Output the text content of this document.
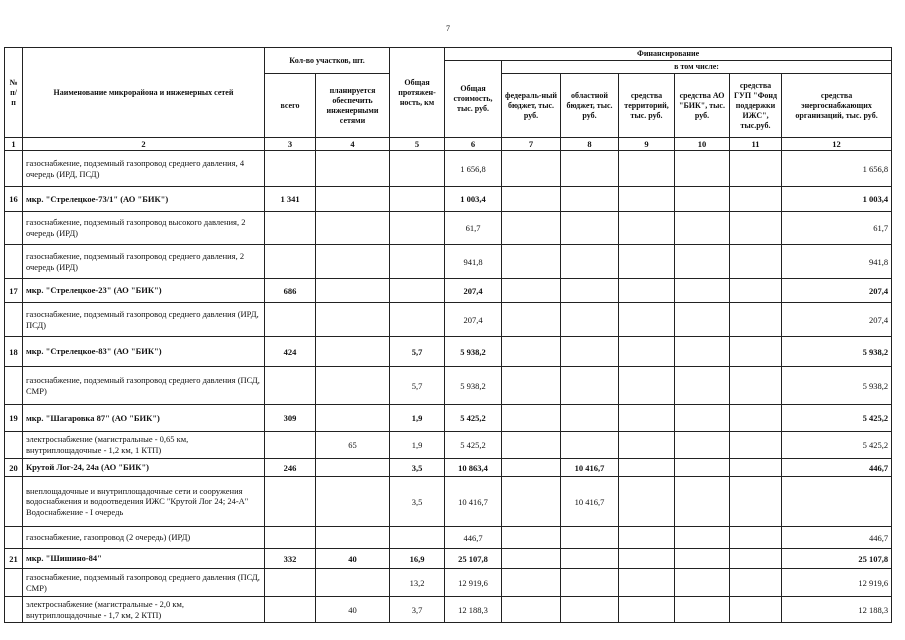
7
№ п/п	Наименование микрорайона и инженерных сетей	Кол-во участков, шт.		Общая протяжен-ность, км	Финансирование						
					Общая стоимость, тыс. руб.	в том числе:					
		всего	планируется обеспечить инженерными сетями			федераль-ный бюджет, тыс. руб.	областной бюджет, тыс. руб.	средства территорий, тыс. руб.	средства АО "БИК", тыс. руб.	средства ГУП "Фонд поддержки ИЖС", тыс.руб.	средства энергоснабжающих организаций, тыс. руб.
1	2	3	4	5	6	7	8	9	10	11	12
	газоснабжение, подземный газопровод среднего давления, 4 очередь (ИРД, ПСД)				1 656,8						1 656,8
16	мкр. "Стрелецкое-73/1" (АО "БИК")	1 341			1 003,4						1 003,4
	газоснабжение, подземный газопровод высокого давления, 2 очередь (ИРД)				61,7						61,7
	газоснабжение, подземный газопровод среднего давления, 2 очередь (ИРД)				941,8						941,8
17	мкр. "Стрелецкое-23" (АО "БИК")	686			207,4						207,4
	газоснабжение, подземный газопровод среднего давления (ИРД, ПСД)				207,4						207,4
18	мкр. "Стрелецкое-83" (АО "БИК")	424		5,7	5 938,2						5 938,2
	газоснабжение, подземный газопровод среднего давления (ПСД, СМР)			5,7	5 938,2						5 938,2
19	мкр. "Шагаровка 87" (АО "БИК")	309		1,9	5 425,2						5 425,2
	электроснабжение (магистральные - 0,65 км, внутриплощадочные - 1,2 км, 1 КТП)		65	1,9	5 425,2						5 425,2
20	Крутой Лог-24, 24а (АО "БИК")	246		3,5	10 863,4		10 416,7				446,7
	внеплощадочные и внутриплощадочные сети и сооружения водоснабжения и водоотведения ИЖС "Крутой Лог 24; 24-А" Водоснабжение - I очередь			3,5	10 416,7		10 416,7				
	газоснабжение, газопровод (2 очередь) (ИРД)				446,7						446,7
21	мкр. "Шишино-84"	332	40	16,9	25 107,8						25 107,8
	газоснабжение, подземный газопровод среднего давления (ПСД, СМР)			13,2	12 919,6						12 919,6
	электроснабжение (магистральные - 2,0 км, внутриплощадочные - 1,7 км, 2 КТП)		40	3,7	12 188,3						12 188,3
